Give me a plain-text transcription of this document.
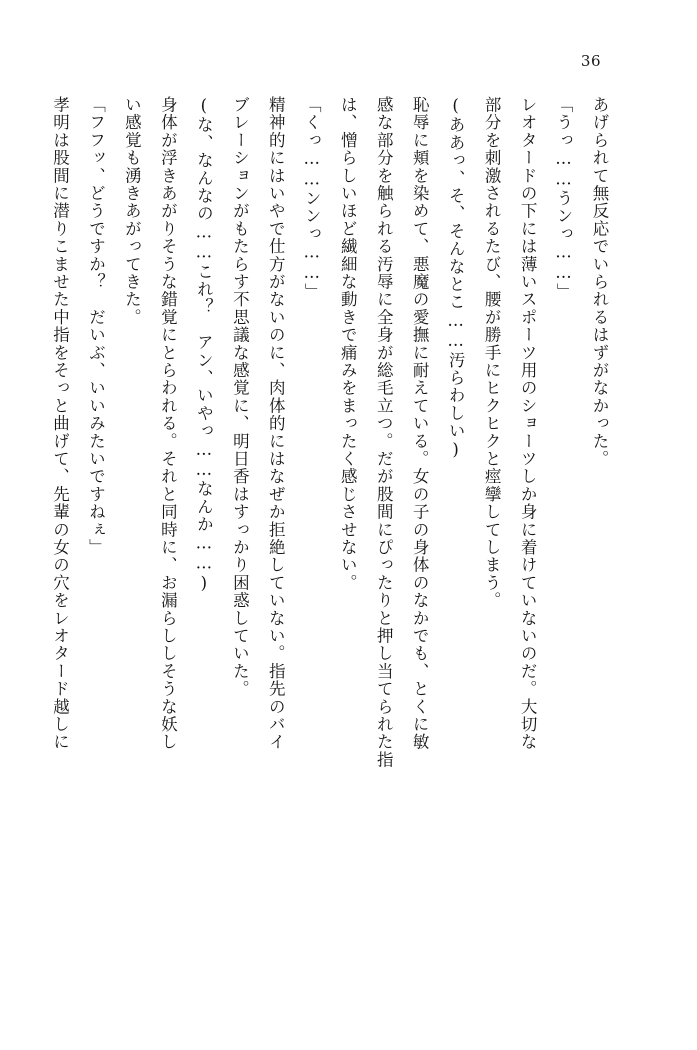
36

あげられて無反応でいられるはずがなかった。

「うっ……うンっ……」

レオタードの下には薄いスポーツ用のショーツしか身に着けていないのだ。大切な

部分を刺激されるたび、腰が勝手にヒクヒクと痙攣してしまう。

(ああっ、そ、そんなとこ……汚らわしい)

恥辱に頬を染めて、悪魔の愛撫に耐えている。女の子の身体のなかでも、とくに敏

感な部分を触られる汚辱に全身が総毛立つ。だが股間にぴったりと押し当てられた指

は、憎らしいほど繊細な動きで痛みをまったく感じさせない。

「くっ……ンンっ……」

精神的にはいやで仕方がないのに、肉体的にはなぜか拒絶していない。指先のバイ

ブレーションがもたらす不思議な感覚に、明日香はすっかり困惑していた。

(な、なんなの……これ？　アン、いやっ……なんか……)

身体が浮きあがりそうな錯覚にとらわれる。それと同時に、お漏らししそうな妖し

い感覚も湧きあがってきた。

「フフッ、どうですか？　だいぶ、いいみたいですねぇ」

孝明は股間に潜りこませた中指をそっと曲げて、先輩の女の穴をレオタード越しに
